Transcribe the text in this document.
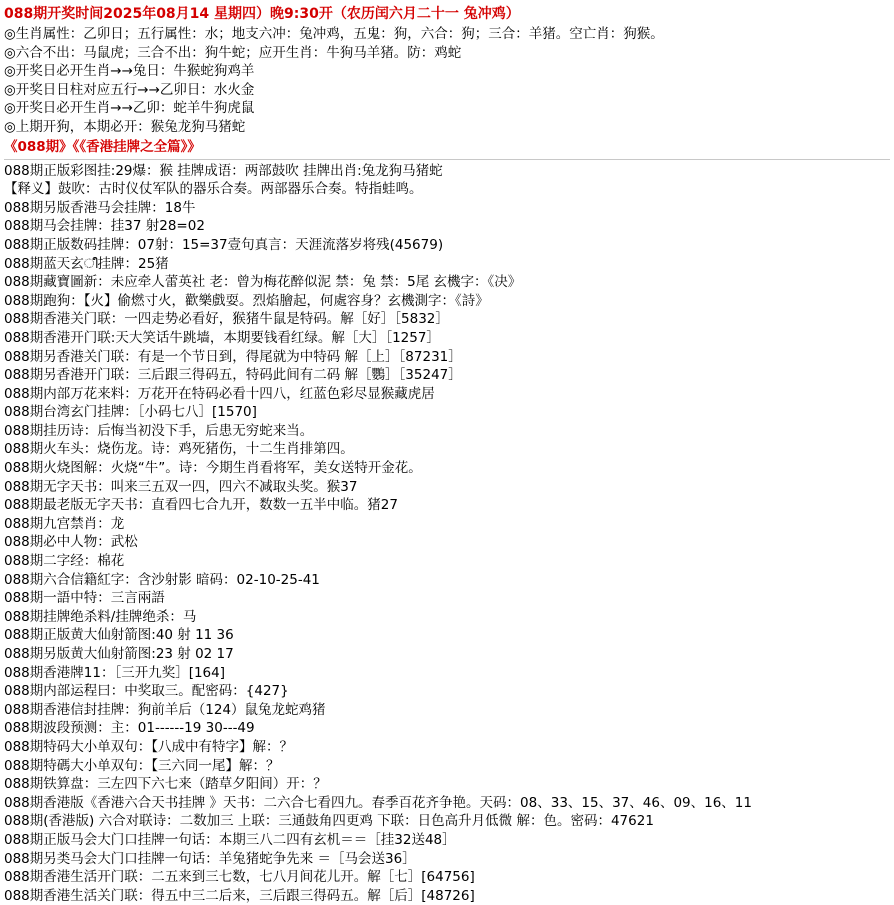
088期开奖时间2025年08月14 星期四）晚9:30开（农历闰六月二十一 兔冲鸡）
◎生肖属性：乙卯日；五行属性：水；地支六冲：兔冲鸡，五鬼：狗，六合：狗；三合：羊猪。空亡肖：狗猴。
◎六合不出：马鼠虎；三合不出：狗牛蛇；应开生肖：牛狗马羊猪。防：鸡蛇
◎开奖日必开生肖→→兔日：牛猴蛇狗鸡羊
◎开奖日日柱对应五行→→乙卯日：水火金
◎开奖日必开生肖→→乙卯：蛇羊牛狗虎鼠
◎上期开狗，本期必开：猴兔龙狗马猪蛇
《088期》《《香港挂牌之全篇》》
088期正版彩图挂:29爆：猴 挂牌成语：两部鼓吹 挂牌出肖:兔龙狗马猪蛇
【释义】鼓吹：古时仪仗军队的器乐合奏。两部器乐合奏。特指蛙鸣。
088期另版香港马会挂牌：18牛
088期马会挂牌：挂37 射28=02
088期正版数码挂牌：07射：15=37壹句真言：天涯流落岁将残(45679)
088期蓝天玄ീ挂牌：25猪
088期藏寶圖新：未应牵人蕾英社 老：曾为梅花醉似泥 禁：兔 禁：5尾 玄機字：《决》
088期跑狗：【火】偷燃寸火，歡樂戲耍。烈焰膾起，何處容身？玄機測字：《詩》
088期香港关门联：一四走势必看好，猴猪牛鼠是特码。解［好］［5832］
088期香港开门联:天大笑话牛跳墙，本期要钱看红绿。解［大］［1257］
088期另香港关门联：有是一个节日到，得尾就为中特码 解［上］［87231］
088期另香港开门联：三后跟三得码五，特码此间有二码 解［鸚］［35247］
088期内部万花来料：万花开在特码必看十四八，红蓝色彩尽显猴藏虎居
088期台湾玄门挂牌：［小码七八］[1570]
088期挂历诗：后悔当初没下手，后患无穷蛇来当。
088期火车头：烧伤龙。诗：鸡死猪伤，十二生肖排第四。
088期火烧图解：火烧“牛”。诗：今期生肖看将军，美女送特开金花。
088期无字天书：叫来三五双一四，四六不减取头奖。猴37
088期最老版无字天书：直看四七合九开，数数一五半中临。猪27
088期九宫禁肖：龙
088期必中人物：武松
088期二字经：棉花
088期六合信籍紅字：含沙射影 暗码：02-10-25-41
088期一語中特：三言兩語
088期挂牌绝杀料/挂牌绝杀：马
088期正版黄大仙射箭图:40 射 11 36
088期另版黄大仙射箭图:23 射 02 17
088期香港牌11：［三开九奖］[164]
088期内部运程曰：中奖取三。配密码：{427}
088期香港信封挂牌：狗前羊后（124）鼠兔龙蛇鸡猪
088期波段预测：主：01------19 30---49
088期特码大小单双句：【八成中有特字】解：？
088期特碼大小单双句：【三六同一尾】解：？
088期铁算盘：三左四下六七来（踏草夕阳间）开：？
088期香港版《香港六合天书挂牌 》天书：二六合七看四九。春季百花齐争艳。天码：08、33、15、37、46、09、16、11
088期(香港版) 六合对联诗：二数加三 上联：三通鼓角四更鸡 下联：日色高升月低微 解：色。密码：47621
088期正版马会大门口挂牌一句话：本期三八二四有玄机＝＝［挂32送48］
088期另类马会大门口挂牌一句话：羊兔猪蛇争先来 ＝［马会送36］
088期香港生活开门联：二五来到三七数，七八月间花儿开。解［七］[64756]
088期香港生活关门联：得五中三二后来，三后跟三得码五。解［后］[48726]
